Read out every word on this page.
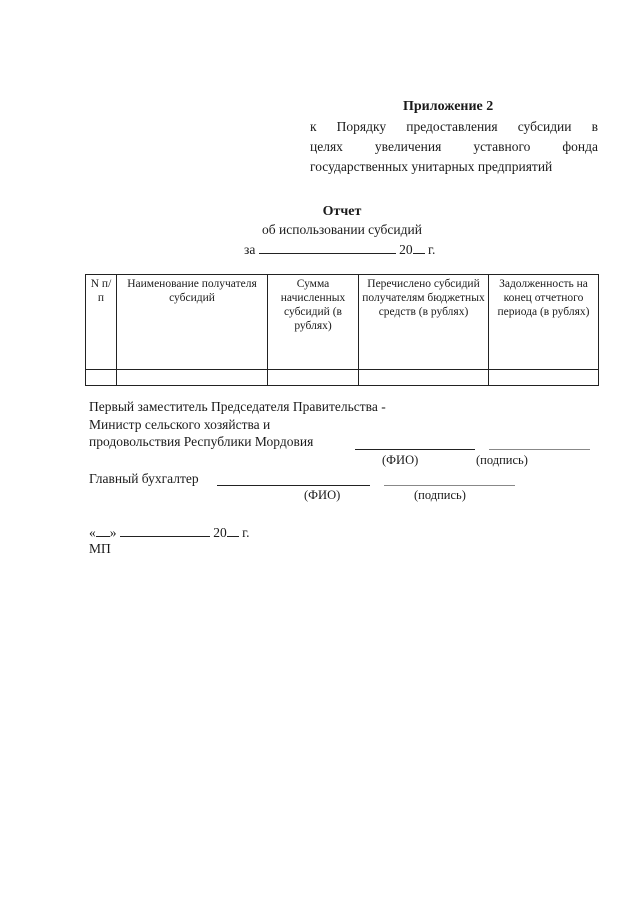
Приложение 2
к Порядку предоставления субсидии в
целях увеличения уставного фонда
государственных унитарных предприятий
Отчет
об использовании субсидий
за	20 г.
N п/п	Наименование получателя субсидий	Сумма начисленных субсидий (в рублях)	Перечислено субсидий получателям бюджетных средств (в рублях)	Задолженность на конец отчетного периода (в рублях)

Первый заместитель Председателя Правительства -
Министр сельского хозяйства и
продовольствия Республики Мордовия
(ФИО)	(подпись)
Главный бухгалтер
(ФИО)	(подпись)
« »	20 г.
МП
